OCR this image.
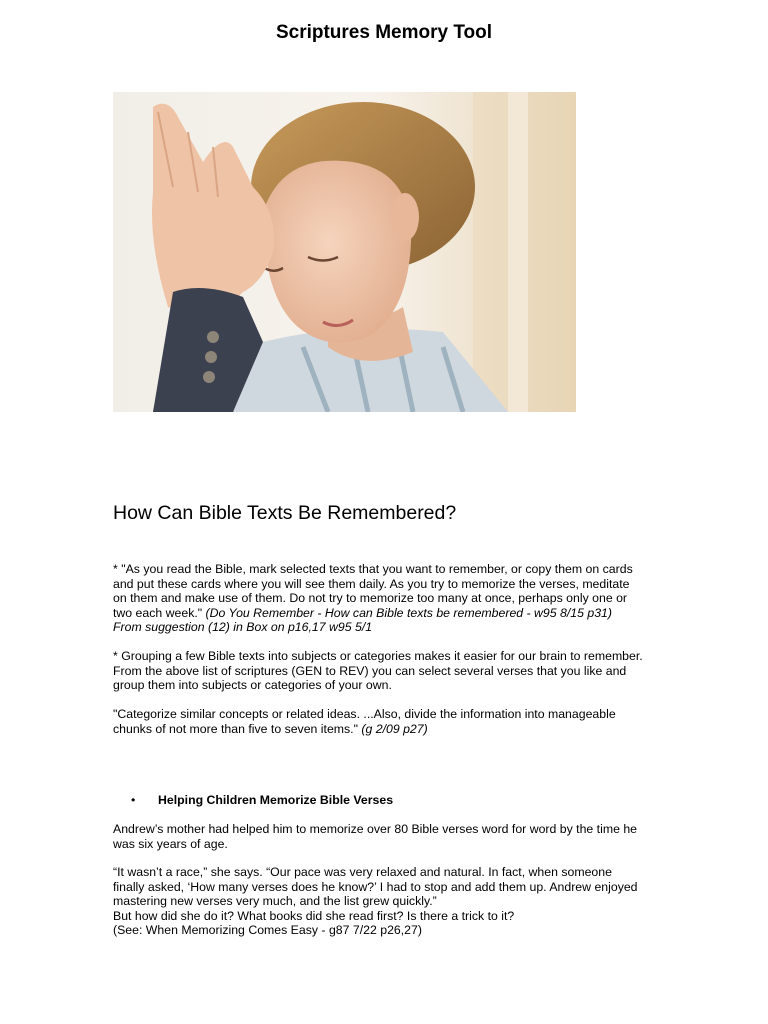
Scriptures Memory Tool
How Can Bible Texts Be Remembered?
* "As you read the Bible, mark selected texts that you want to remember, or copy them on cards
and put these cards where you will see them daily. As you try to memorize the verses, meditate
on them and make use of them. Do not try to memorize too many at once, perhaps only one or
two each week." (Do You Remember - How can Bible texts be remembered - w95 8/15 p31)
From suggestion (12) in Box on p16,17 w95 5/1
* Grouping a few Bible texts into subjects or categories makes it easier for our brain to remember.
From the above list of scriptures (GEN to REV) you can select several verses that you like and
group them into subjects or categories of your own.
"Categorize similar concepts or related ideas. ...Also, divide the information into manageable
chunks of not more than five to seven items." (g 2/09 p27)
• Helping Children Memorize Bible Verses
Andrew’s mother had helped him to memorize over 80 Bible verses word for word by the time he
was six years of age.
“It wasn’t a race,” she says. “Our pace was very relaxed and natural. In fact, when someone
finally asked, ‘How many verses does he know?’ I had to stop and add them up. Andrew enjoyed
mastering new verses very much, and the list grew quickly.”
But how did she do it? What books did she read first? Is there a trick to it?
(See: When Memorizing Comes Easy - g87 7/22 p26,27)
